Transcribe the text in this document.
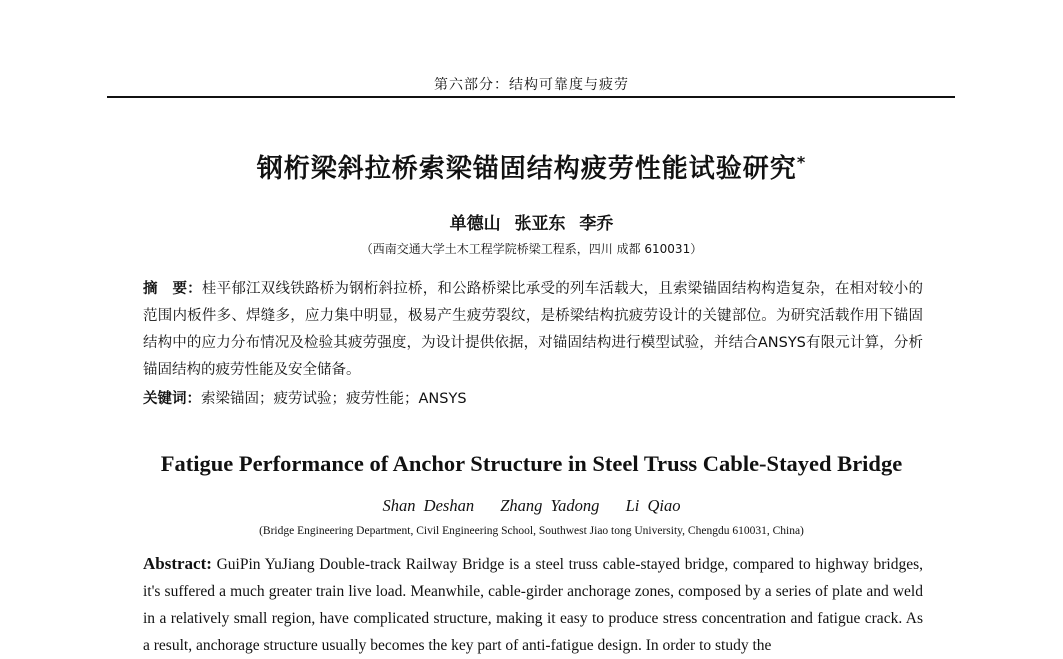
第六部分：结构可靠度与疲劳
钢桁梁斜拉桥索梁锚固结构疲劳性能试验研究*
单德山 张亚东 李乔
（西南交通大学土木工程学院桥梁工程系，四川 成都 610031）
摘　要：桂平郁江双线铁路桥为钢桁斜拉桥，和公路桥梁比承受的列车活载大，且索梁锚固结构构造复杂，在相对较小的范围内板件多、焊缝多，应力集中明显，极易产生疲劳裂纹，是桥梁结构抗疲劳设计的关键部位。为研究活载作用下锚固结构中的应力分布情况及检验其疲劳强度，为设计提供依据，对锚固结构进行模型试验，并结合ANSYS有限元计算，分析锚固结构的疲劳性能及安全储备。
关键词：索梁锚固；疲劳试验；疲劳性能；ANSYS
Fatigue Performance of Anchor Structure in Steel Truss Cable-Stayed Bridge
Shan Deshan Zhang Yadong Li Qiao
(Bridge Engineering Department, Civil Engineering School, Southwest Jiao tong University, Chengdu 610031, China)
Abstract: GuiPin YuJiang Double-track Railway Bridge is a steel truss cable-stayed bridge, compared to highway bridges, it's suffered a much greater train live load. Meanwhile, cable-girder anchorage zones, composed by a series of plate and weld in a relatively small region, have complicated structure, making it easy to produce stress concentration and fatigue crack. As a result, anchorage structure usually becomes the key part of anti-fatigue design. In order to study the
